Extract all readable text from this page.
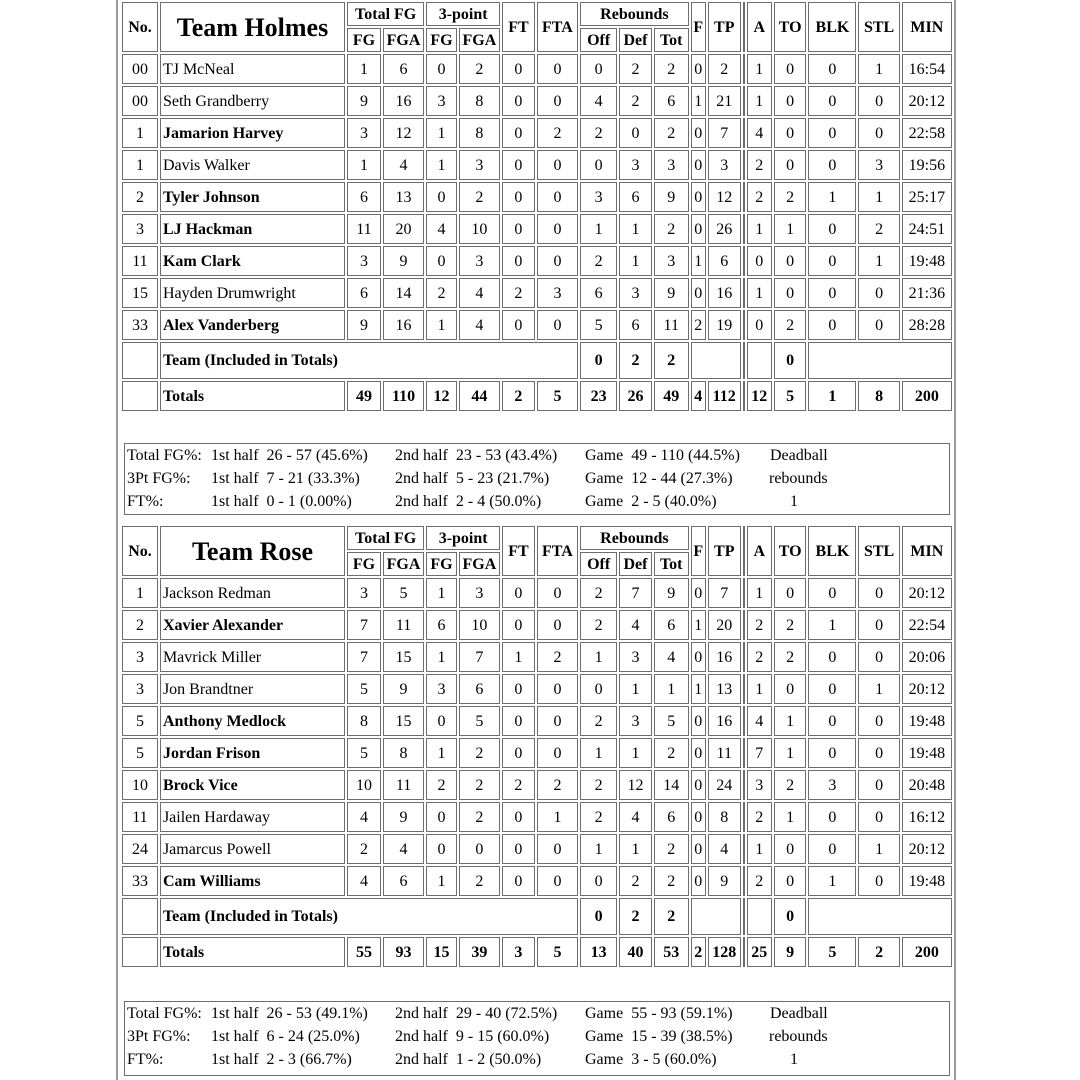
No.	Team Holmes	Total FG		3-point		FT	FTA	Rebounds			F	TP		A	TO	BLK	STL	MIN
		FG	FGA	FG	FGA			Off	Def	Tot								
00	TJ McNeal	1	6	0	2	0	0	0	2	2	0	2		1	0	0	1	16:54
00	Seth Grandberry	9	16	3	8	0	0	4	2	6	1	21		1	0	0	0	20:12
1	Jamarion Harvey	3	12	1	8	0	2	2	0	2	0	7		4	0	0	0	22:58
1	Davis Walker	1	4	1	3	0	0	0	3	3	0	3		2	0	0	3	19:56
2	Tyler Johnson	6	13	0	2	0	0	3	6	9	0	12		2	2	1	1	25:17
3	LJ Hackman	11	20	4	10	0	0	1	1	2	0	26		1	1	0	2	24:51
11	Kam Clark	3	9	0	3	0	0	2	1	3	1	6		0	0	0	1	19:48
15	Hayden Drumwright	6	14	2	4	2	3	6	3	9	0	16		1	0	0	0	21:36
33	Alex Vanderberg	9	16	1	4	0	0	5	6	11	2	19		0	2	0	0	28:28
	Team (Included in Totals)							0	2	2					0			
	Totals	49	110	12	44	2	5	23	26	49	4	112		12	5	1	8	200
Total FG%: 1st half  26 - 57 (45.6%) 2nd half  23 - 53 (43.4%) Game  49 - 110 (44.5%) Deadball
3Pt FG%: 1st half  7 - 21 (33.3%) 2nd half  5 - 23 (21.7%) Game  12 - 44 (27.3%) rebounds
FT%:	1st half  0 - 1 (0.00%)	2nd half  2 - 4 (50.0%)	Game  2 - 5 (40.0%)	1
No.	Team Rose	Total FG		3-point		FT	FTA	Rebounds			F	TP		A	TO	BLK	STL	MIN
		FG	FGA	FG	FGA			Off	Def	Tot								
1	Jackson Redman	3	5	1	3	0	0	2	7	9	0	7		1	0	0	0	20:12
2	Xavier Alexander	7	11	6	10	0	0	2	4	6	1	20		2	2	1	0	22:54
3	Mavrick Miller	7	15	1	7	1	2	1	3	4	0	16		2	2	0	0	20:06
3	Jon Brandtner	5	9	3	6	0	0	0	1	1	1	13		1	0	0	1	20:12
5	Anthony Medlock	8	15	0	5	0	0	2	3	5	0	16		4	1	0	0	19:48
5	Jordan Frison	5	8	1	2	0	0	1	1	2	0	11		7	1	0	0	19:48
10	Brock Vice	10	11	2	2	2	2	2	12	14	0	24		3	2	3	0	20:48
11	Jailen Hardaway	4	9	0	2	0	1	2	4	6	0	8		2	1	0	0	16:12
24	Jamarcus Powell	2	4	0	0	0	0	1	1	2	0	4		1	0	0	1	20:12
33	Cam Williams	4	6	1	2	0	0	0	2	2	0	9		2	0	1	0	19:48
	Team (Included in Totals)							0	2	2					0			
	Totals	55	93	15	39	3	5	13	40	53	2	128		25	9	5	2	200
Total FG%: 1st half  26 - 53 (49.1%) 2nd half  29 - 40 (72.5%) Game  55 - 93 (59.1%) Deadball
3Pt FG%: 1st half  6 - 24 (25.0%) 2nd half  9 - 15 (60.0%) Game  15 - 39 (38.5%) rebounds
FT%:	1st half  2 - 3 (66.7%)	2nd half  1 - 2 (50.0%)	Game  3 - 5 (60.0%)	1
